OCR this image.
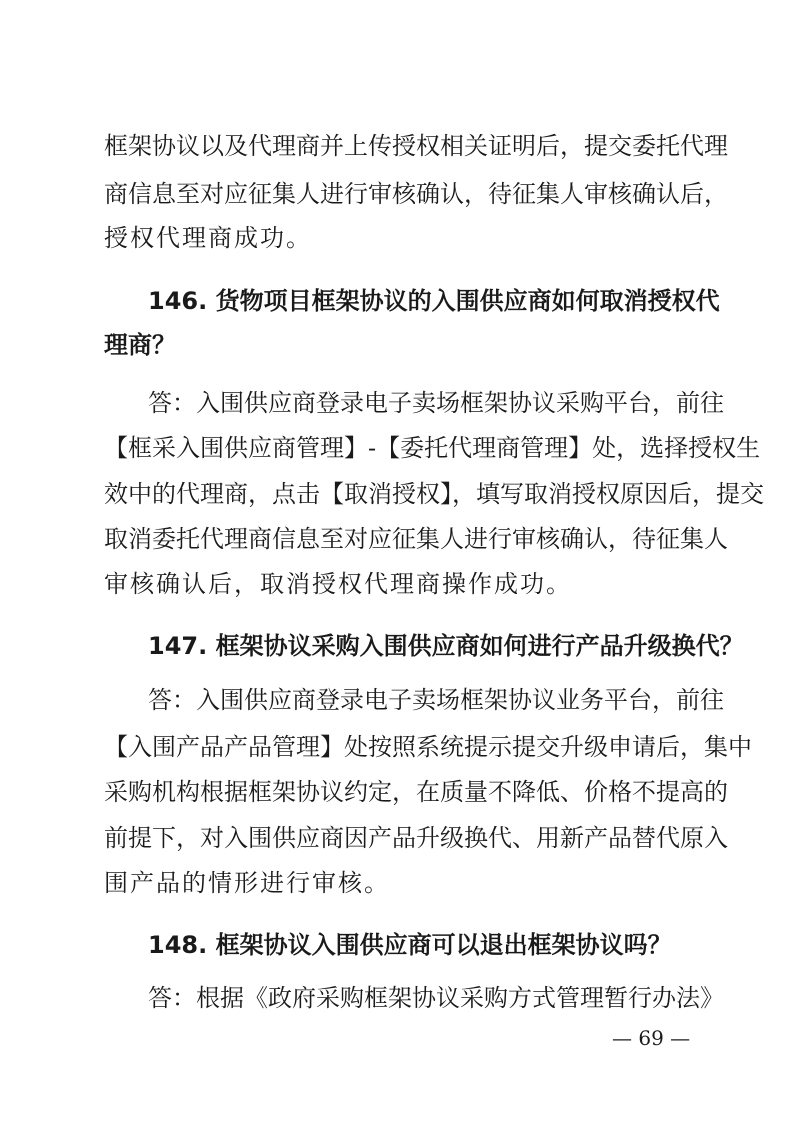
框架协议以及代理商并上传授权相关证明后，提交委托代理
商信息至对应征集人进行审核确认，待征集人审核确认后，
授权代理商成功。
146. 货物项目框架协议的入围供应商如何取消授权代
理商？
答：入围供应商登录电子卖场框架协议采购平台，前往
【框采入围供应商管理】-【委托代理商管理】处，选择授权生
效中的代理商，点击【取消授权】，填写取消授权原因后，提交
取消委托代理商信息至对应征集人进行审核确认，待征集人
审核确认后，取消授权代理商操作成功。
147. 框架协议采购入围供应商如何进行产品升级换代？
答：入围供应商登录电子卖场框架协议业务平台，前往
【入围产品产品管理】处按照系统提示提交升级申请后，集中
采购机构根据框架协议约定，在质量不降低、价格不提高的
前提下，对入围供应商因产品升级换代、用新产品替代原入
围产品的情形进行审核。
148. 框架协议入围供应商可以退出框架协议吗？
答：根据《政府采购框架协议采购方式管理暂行办法》
— 69 —
